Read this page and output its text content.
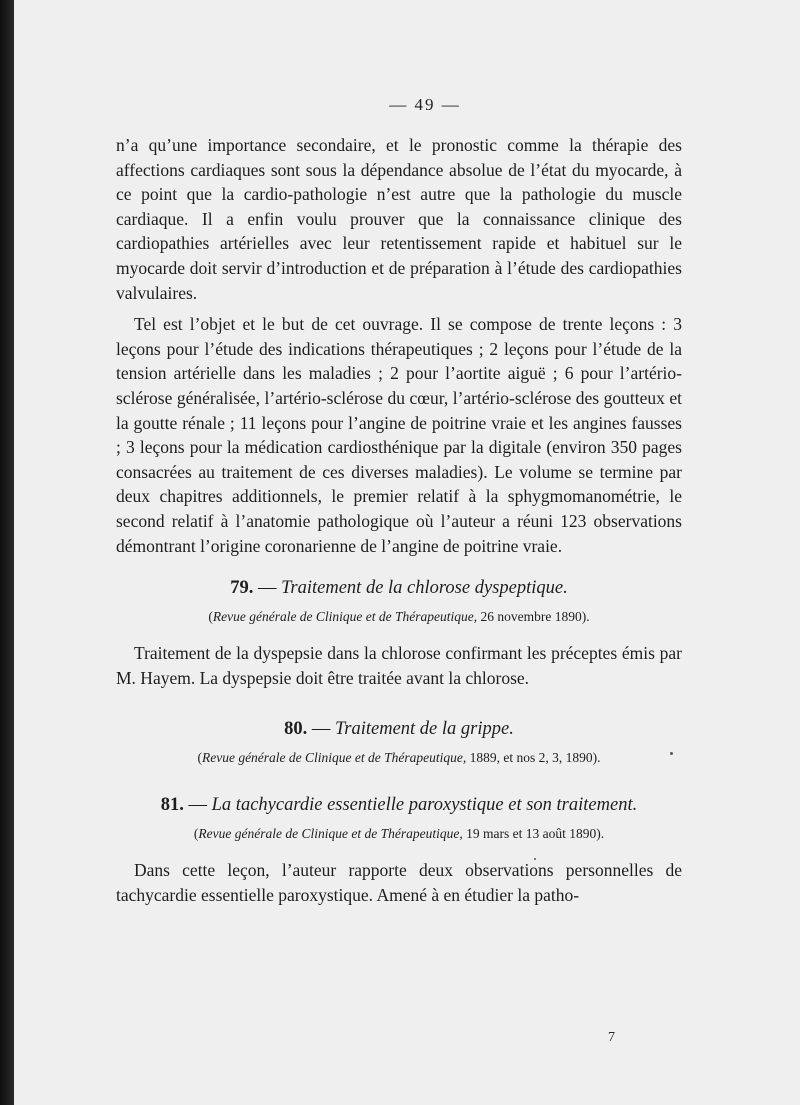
— 49 —

n’a qu’une importance secondaire, et le pronostic comme la thérapie des affections cardiaques sont sous la dépendance absolue de l’état du myocarde, à ce point que la cardio-pathologie n’est autre que la pathologie du muscle cardiaque. Il a enfin voulu prouver que la connaissance clinique des cardiopathies artérielles avec leur retentissement rapide et habituel sur le myocarde doit servir d’introduction et de préparation à l’étude des cardiopathies valvulaires.

Tel est l’objet et le but de cet ouvrage. Il se compose de trente leçons : 3 leçons pour l’étude des indications thérapeutiques ; 2 leçons pour l’étude de la tension artérielle dans les maladies ; 2 pour l’aortite aiguë ; 6 pour l’artério-sclérose généralisée, l’artério-sclérose du cœur, l’artério-sclérose des goutteux et la goutte rénale ; 11 leçons pour l’angine de poitrine vraie et les angines fausses ; 3 leçons pour la médication cardiosthénique par la digitale (environ 350 pages consacrées au traitement de ces diverses maladies). Le volume se termine par deux chapitres additionnels, le premier relatif à la sphygmomanométrie, le second relatif à l’anatomie pathologique où l’auteur a réuni 123 observations démontrant l’origine coronarienne de l’angine de poitrine vraie.

79. — Traitement de la chlorose dyspeptique.
(Revue générale de Clinique et de Thérapeutique, 26 novembre 1890).

Traitement de la dyspepsie dans la chlorose confirmant les préceptes émis par M. Hayem. La dyspepsie doit être traitée avant la chlorose.

80. — Traitement de la grippe.
(Revue générale de Clinique et de Thérapeutique, 1889, et nos 2, 3, 1890).
81. — La tachycardie essentielle paroxystique et son traitement.
(Revue générale de Clinique et de Thérapeutique, 19 mars et 13 août 1890).

Dans cette leçon, l’auteur rapporte deux observations personnelles de tachycardie essentielle paroxystique. Amené à en étudier la patho-

7
